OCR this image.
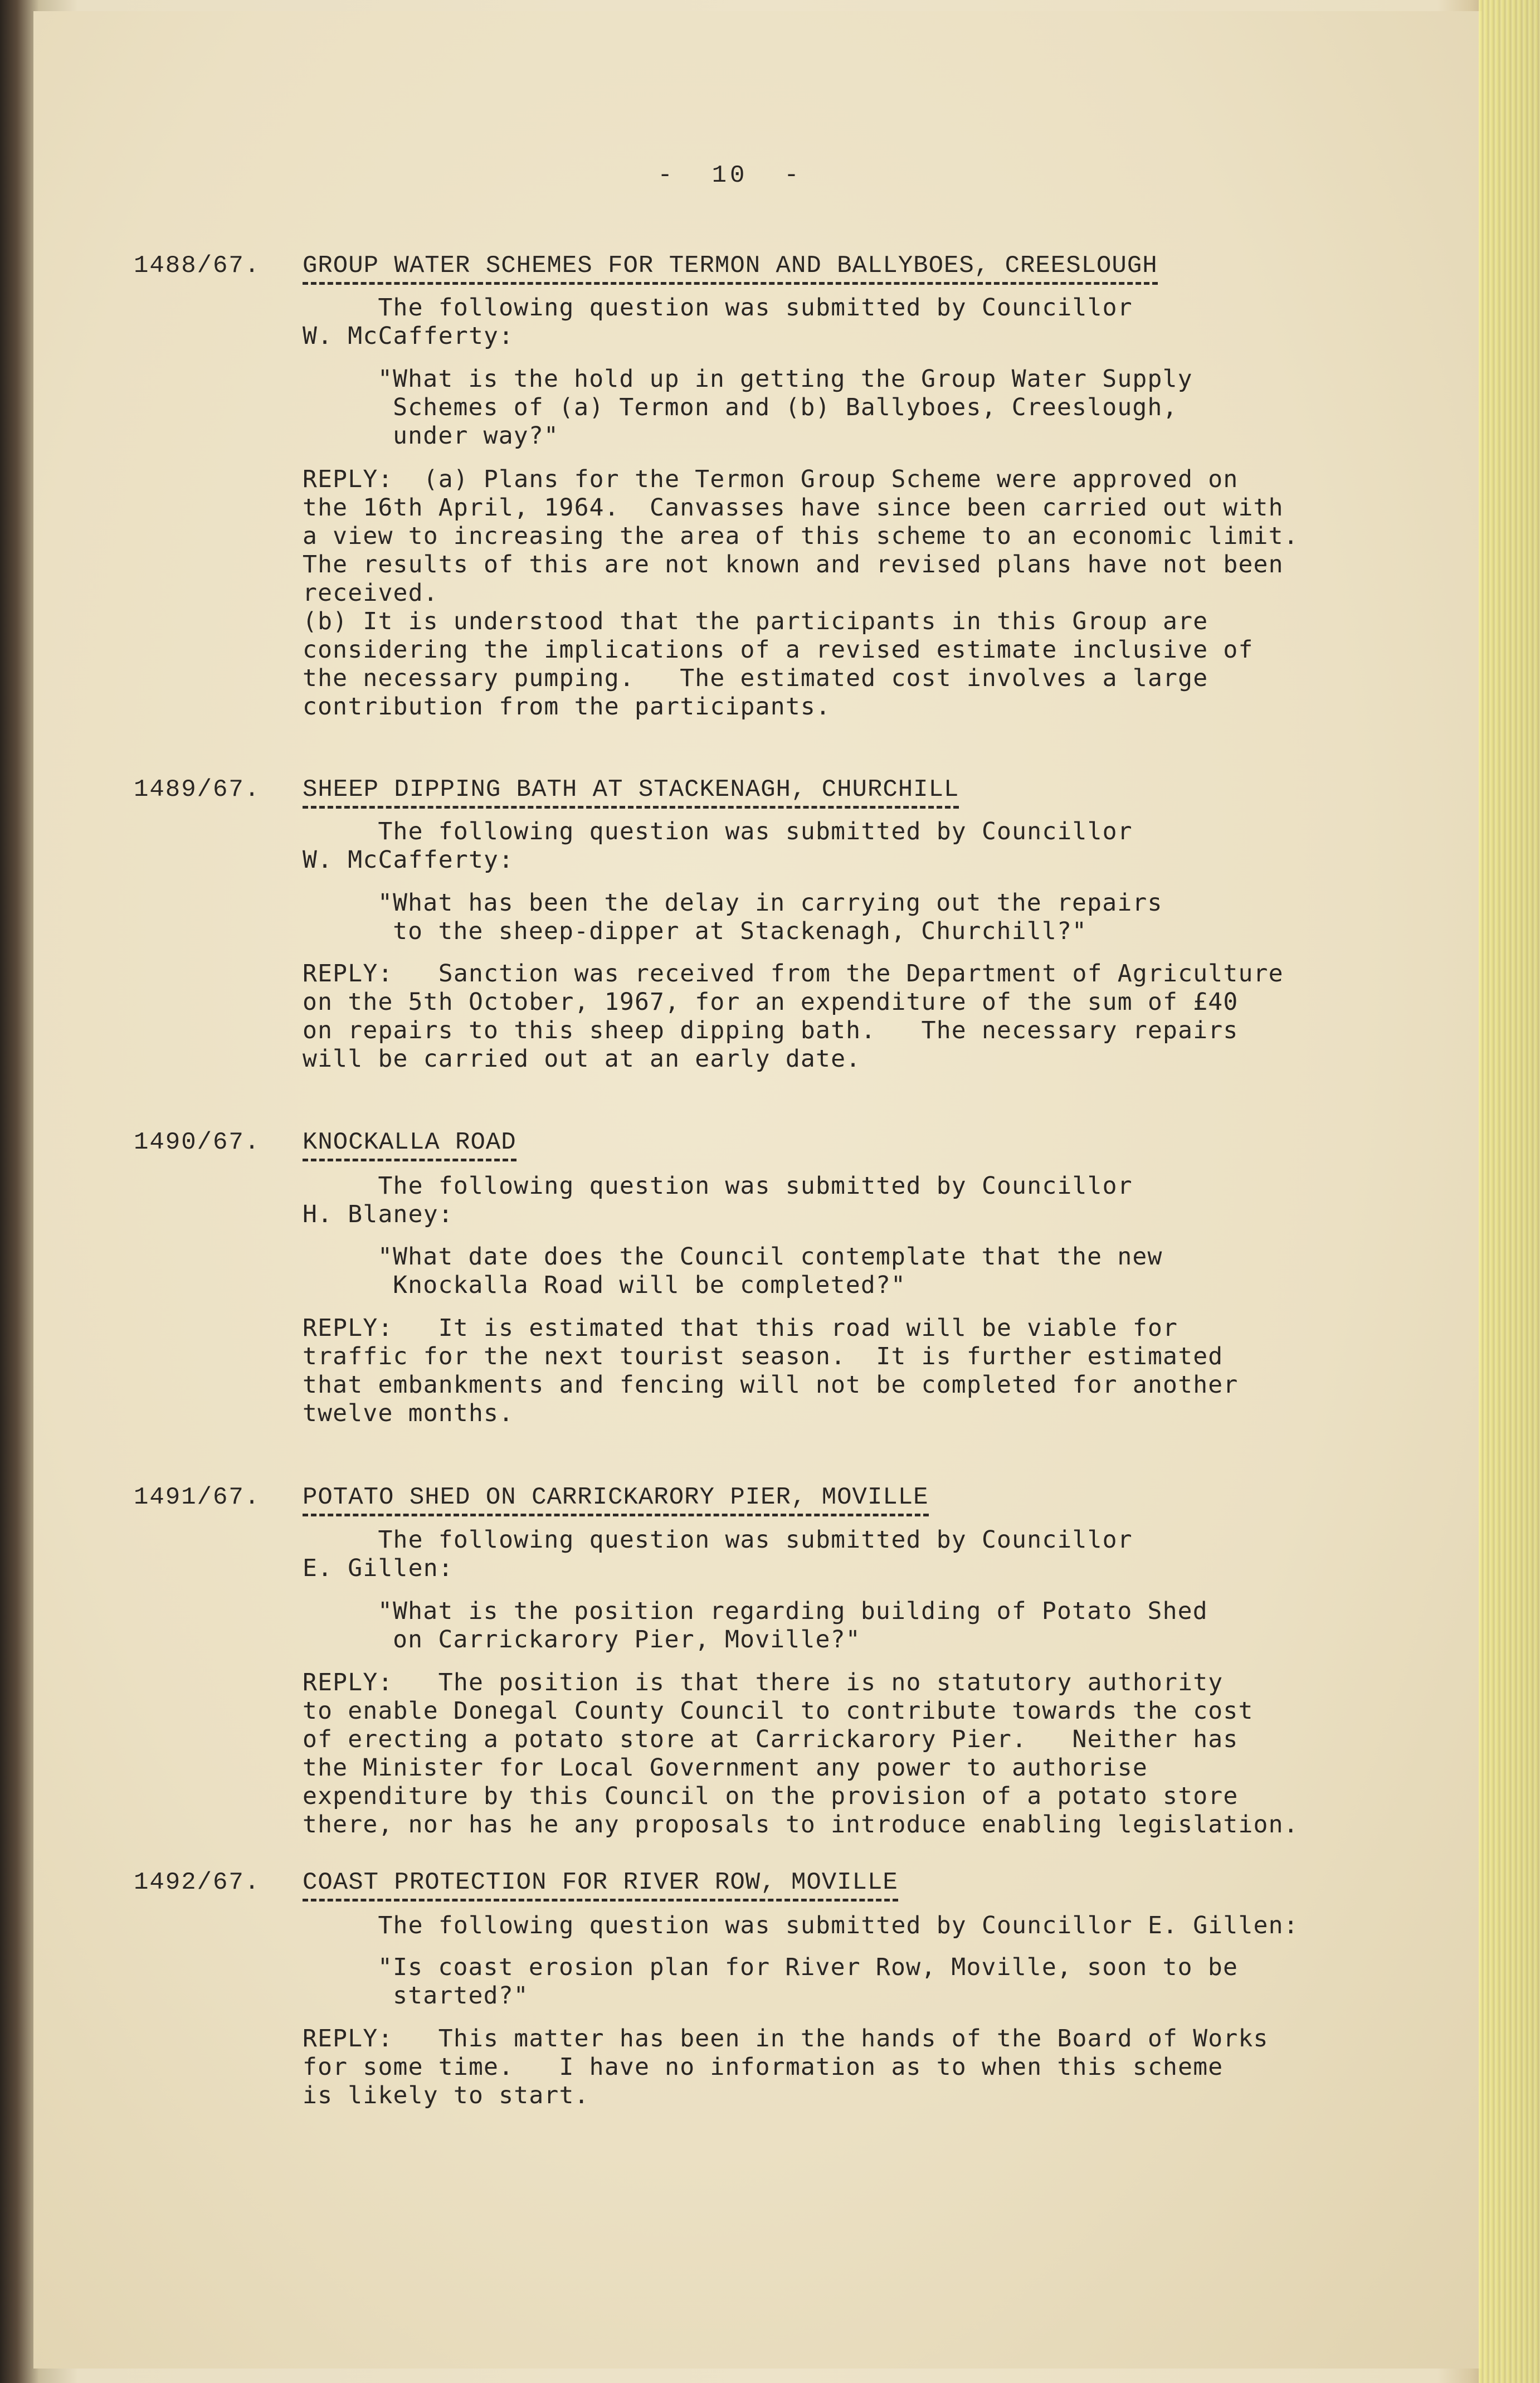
-  10  -
1488/67. GROUP WATER SCHEMES FOR TERMON AND BALLYBOES, CREESLOUGH
The following question was submitted by Councillor
W. McCafferty:
"What is the hold up in getting the Group Water Supply
Schemes of (a) Termon and (b) Ballyboes, Creeslough,
under way?"
REPLY:  (a) Plans for the Termon Group Scheme were approved on
the 16th April, 1964.  Canvasses have since been carried out with
a view to increasing the area of this scheme to an economic limit.
The results of this are not known and revised plans have not been
received.
(b) It is understood that the participants in this Group are
considering the implications of a revised estimate inclusive of
the necessary pumping.   The estimated cost involves a large
contribution from the participants.
1489/67. SHEEP DIPPING BATH AT STACKENAGH, CHURCHILL
The following question was submitted by Councillor
W. McCafferty:
"What has been the delay in carrying out the repairs
to the sheep-dipper at Stackenagh, Churchill?"
REPLY:   Sanction was received from the Department of Agriculture
on the 5th October, 1967, for an expenditure of the sum of £40
on repairs to this sheep dipping bath.   The necessary repairs
will be carried out at an early date.
1490/67. KNOCKALLA ROAD
The following question was submitted by Councillor
H. Blaney:
"What date does the Council contemplate that the new
Knockalla Road will be completed?"
REPLY:   It is estimated that this road will be viable for
traffic for the next tourist season.  It is further estimated
that embankments and fencing will not be completed for another
twelve months.
1491/67. POTATO SHED ON CARRICKARORY PIER, MOVILLE
The following question was submitted by Councillor
E. Gillen:
"What is the position regarding building of Potato Shed
on Carrickarory Pier, Moville?"
REPLY:   The position is that there is no statutory authority
to enable Donegal County Council to contribute towards the cost
of erecting a potato store at Carrickarory Pier.   Neither has
the Minister for Local Government any power to authorise
expenditure by this Council on the provision of a potato store
there, nor has he any proposals to introduce enabling legislation.
1492/67. COAST PROTECTION FOR RIVER ROW, MOVILLE
The following question was submitted by Councillor E. Gillen:
"Is coast erosion plan for River Row, Moville, soon to be
started?"
REPLY:   This matter has been in the hands of the Board of Works
for some time.   I have no information as to when this scheme
is likely to start.
